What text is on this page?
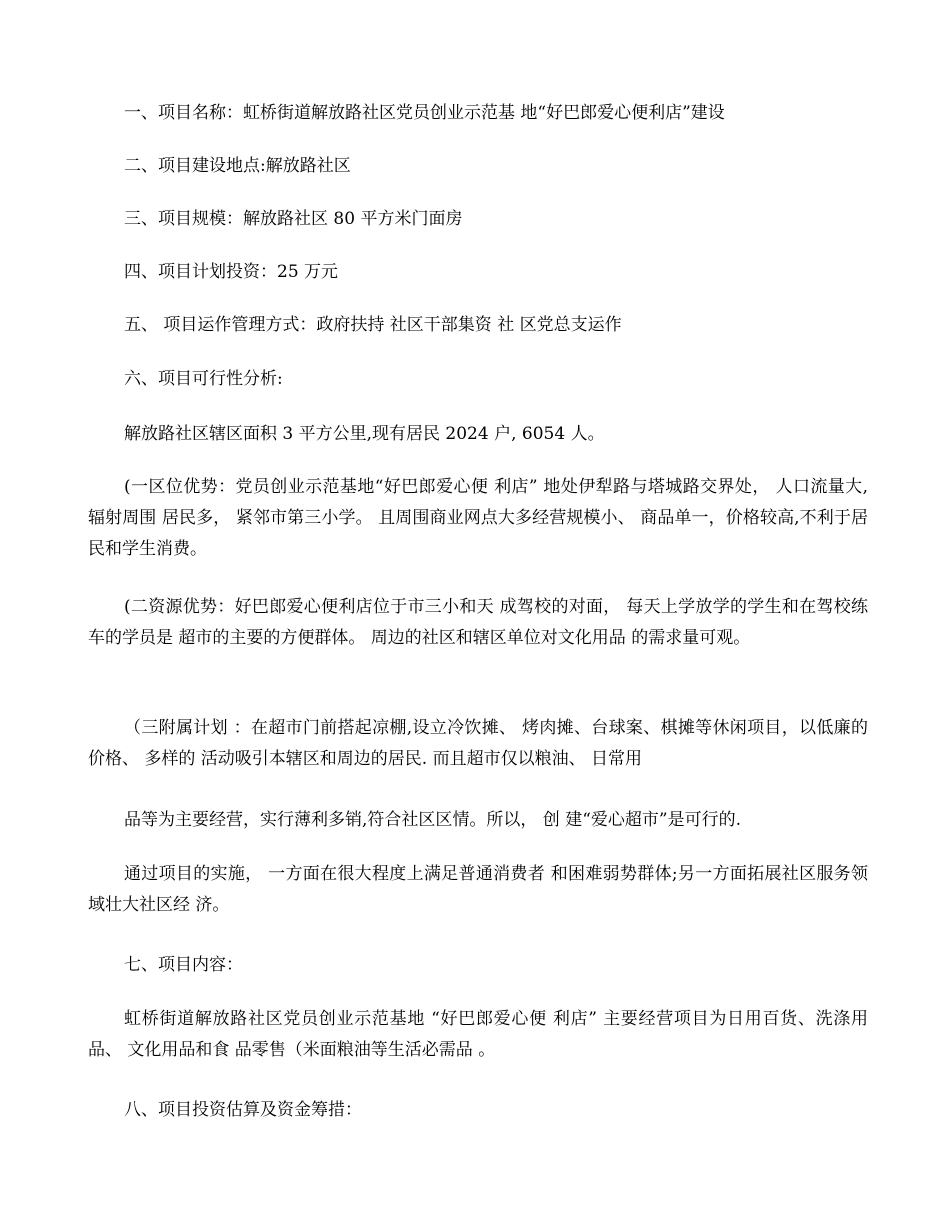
一、项目名称：虹桥街道解放路社区党员创业示范基 地“好巴郎爱心便利店”建设

二、项目建设地点:解放路社区

三、项目规模：解放路社区 80 平方米门面房

四、项目计划投资：25 万元

五、 项目运作管理方式：政府扶持 社区干部集资 社 区党总支运作

六、项目可行性分析:

解放路社区辖区面积 3 平方公里,现有居民 2024 户, 6054 人。

(一区位优势：党员创业示范基地“好巴郎爱心便 利店” 地处伊犁路与塔城路交界处， 人口流量大, 辐射周围 居民多， 紧邻市第三小学。 且周围商业网点大多经营规模小、 商品单一，价格较高,不利于居民和学生消费。

(二资源优势：好巴郎爱心便利店位于市三小和天 成驾校的对面， 每天上学放学的学生和在驾校练车的学员是 超市的主要的方便群体。 周边的社区和辖区单位对文化用品 的需求量可观。

（三附属计划 ：在超市门前搭起凉棚,设立冷饮摊、 烤肉摊、台球案、棋摊等休闲项目，以低廉的价格、 多样的 活动吸引本辖区和周边的居民. 而且超市仅以粮油、 日常用

品等为主要经营，实行薄利多销,符合社区区情。所以， 创 建“爱心超市”是可行的.

通过项目的实施， 一方面在很大程度上满足普通消费者 和困难弱势群体;另一方面拓展社区服务领域壮大社区经 济。

七、项目内容：

虹桥街道解放路社区党员创业示范基地 “好巴郎爱心便 利店” 主要经营项目为日用百货、洗涤用品、 文化用品和食 品零售（米面粮油等生活必需品 。

八、项目投资估算及资金筹措：
